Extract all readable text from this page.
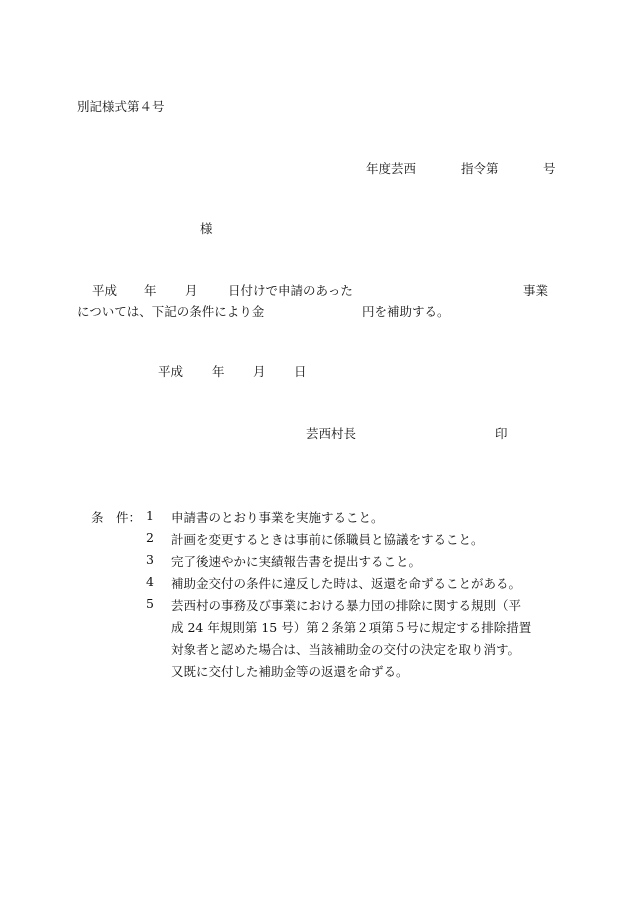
別記様式第４号
年度芸西	指令第	号
様
平成 年 月 日付けで申請のあった	事業
については、下記の条件により金	円を補助する。
平成 年 月 日
芸西村長	印
条　件： 1 申請書のとおり事業を実施すること。
2 計画を変更するときは事前に係職員と協議をすること。
3 完了後速やかに実績報告書を提出すること。
4 補助金交付の条件に違反した時は、返還を命ずることがある。
5 芸西村の事務及び事業における暴力団の排除に関する規則（平
成 24 年規則第 15 号）第２条第２項第５号に規定する排除措置
対象者と認めた場合は、当該補助金の交付の決定を取り消す。
又既に交付した補助金等の返還を命ずる。
